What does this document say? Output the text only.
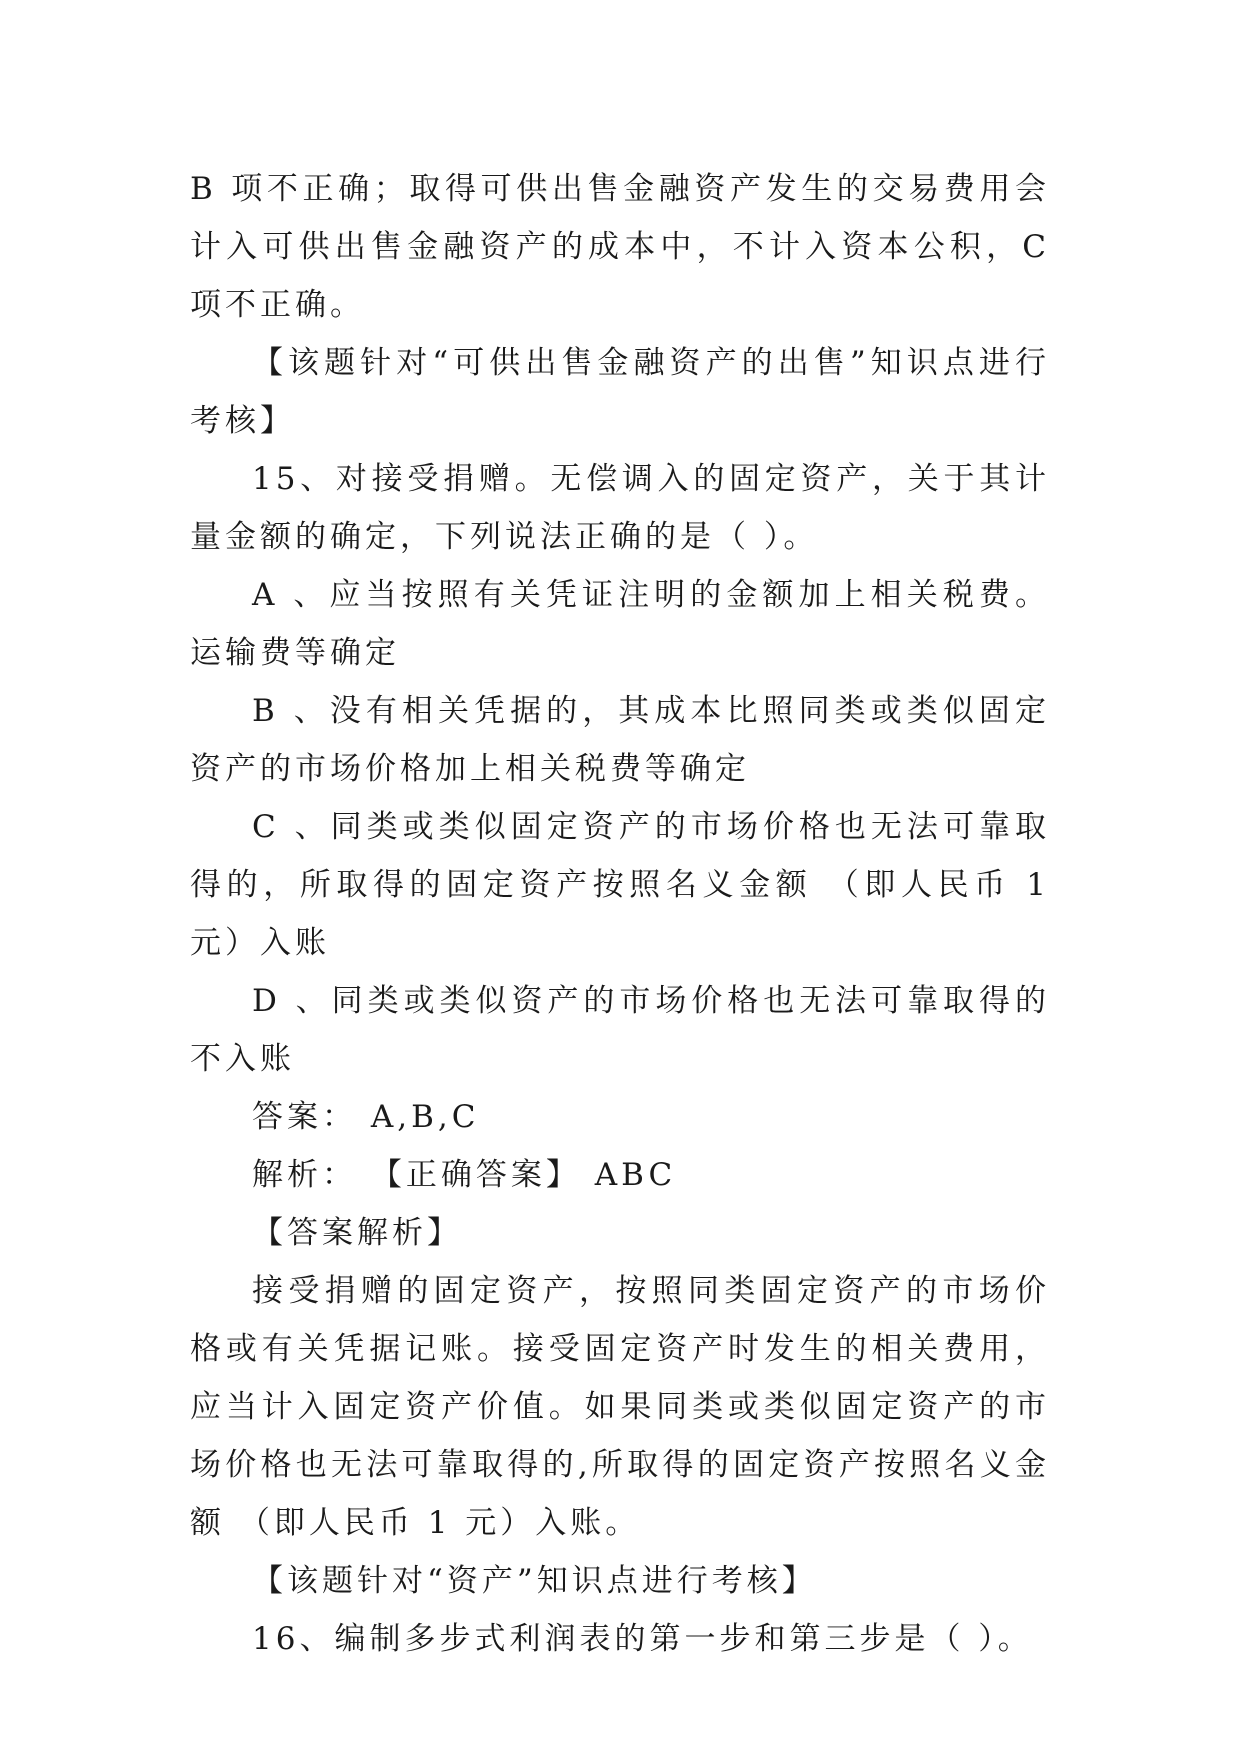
B 项不正确；取得可供出售金融资产发生的交易费用会计入可供出售金融资产的成本中，不计入资本公积，C 项不正确。

【该题针对“可供出售金融资产的出售”知识点进行考核】

15、对接受捐赠。无偿调入的固定资产，关于其计量金额的确定，下列说法正确的是（ ）。

A 、应当按照有关凭证注明的金额加上相关税费。运输费等确定

B 、没有相关凭据的，其成本比照同类或类似固定资产的市场价格加上相关税费等确定

C 、同类或类似固定资产的市场价格也无法可靠取得的，所取得的固定资产按照名义金额 （即人民币 1 元）入账

D 、同类或类似资产的市场价格也无法可靠取得的不入账

答案： A,B,C

解析： 【正确答案】 ABC

【答案解析】

接受捐赠的固定资产，按照同类固定资产的市场价格或有关凭据记账。接受固定资产时发生的相关费用，应当计入固定资产价值。如果同类或类似固定资产的市场价格也无法可靠取得的,所取得的固定资产按照名义金额 （即人民币 1 元）入账。

【该题针对“资产”知识点进行考核】

16、编制多步式利润表的第一步和第三步是（ ）。
